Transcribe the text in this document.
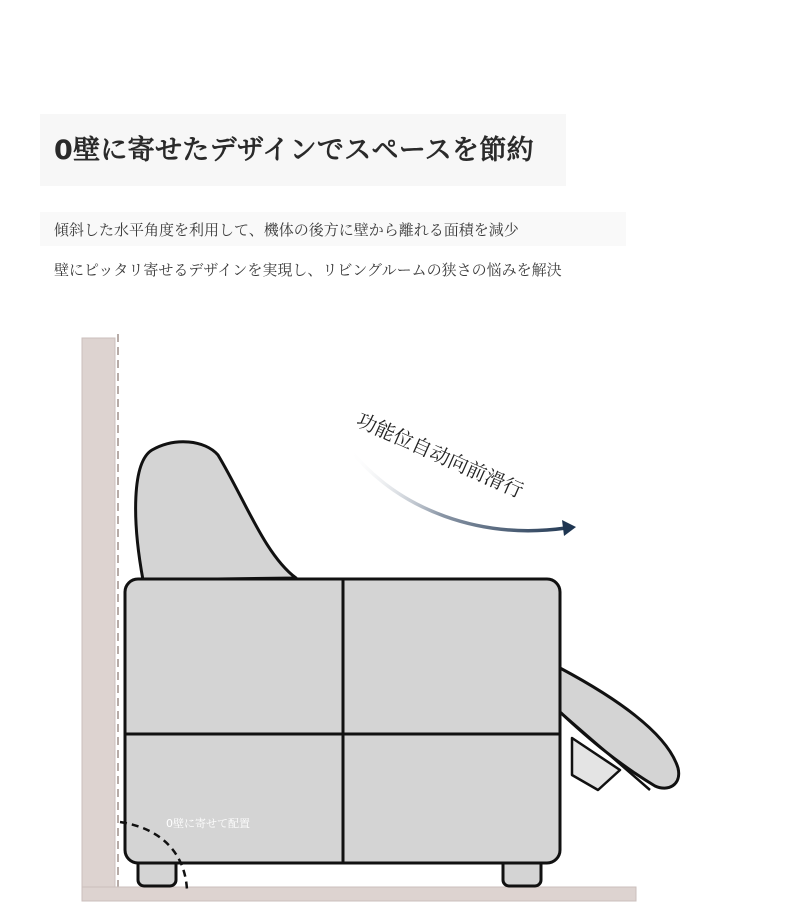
0壁に寄せたデザインでスペースを節約

傾斜した水平角度を利用して、機体の後方に壁から離れる面積を減少

壁にピッタリ寄せるデザインを実現し、リビングルームの狭さの悩みを解決

0壁に寄せて配置
功能位自动向前滑行
